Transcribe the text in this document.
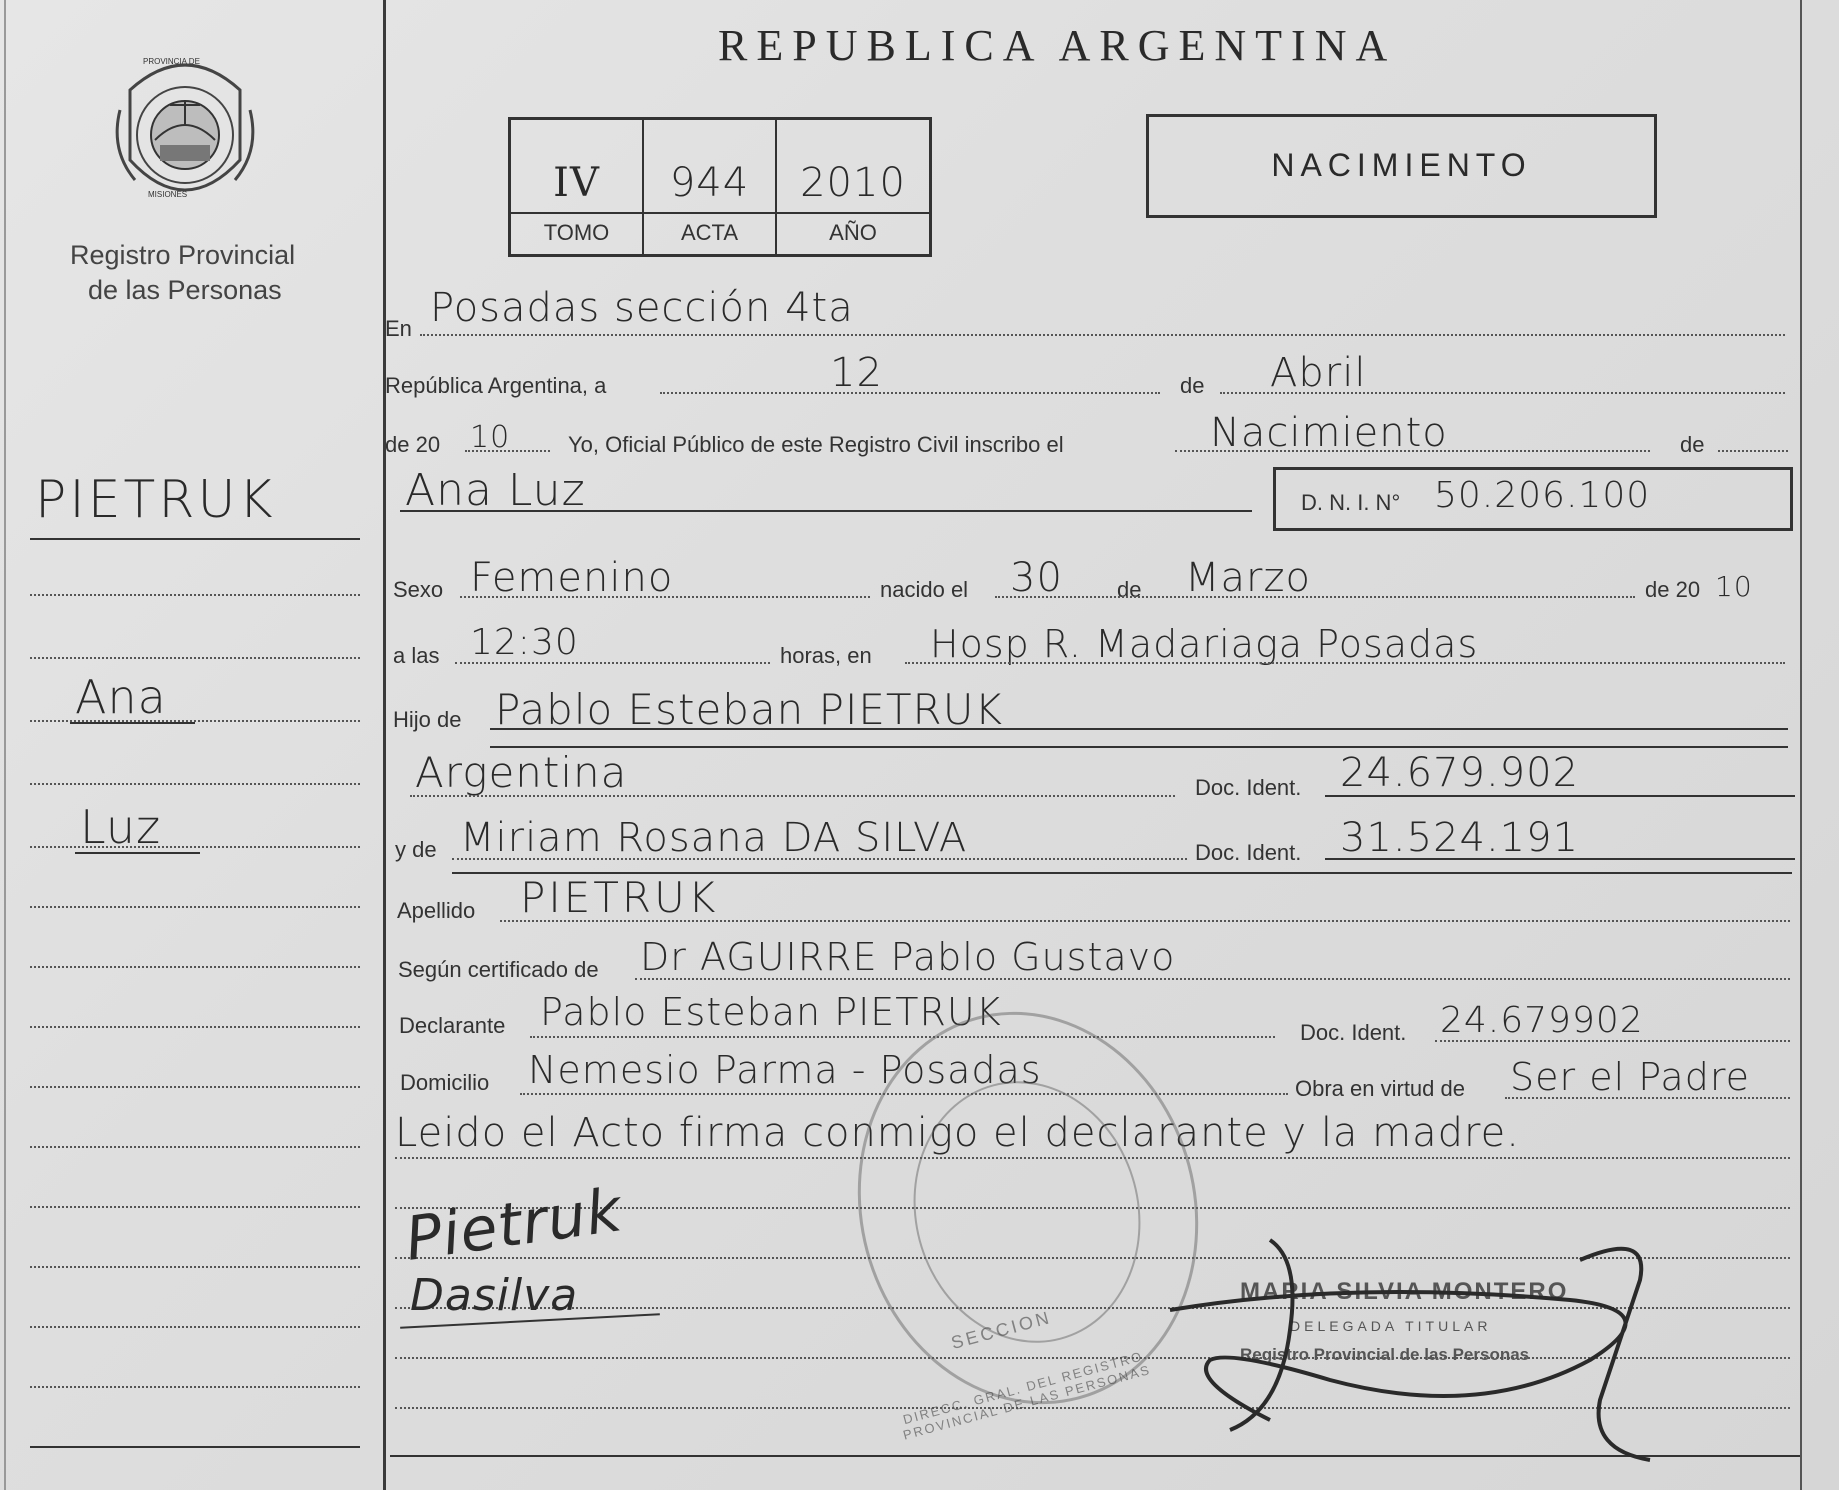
PROVINCIA DE
MISIONES
Registro Provincial
de las Personas
REPUBLICA ARGENTINA
IV	944	2010
TOMO	ACTA	AÑO
NACIMIENTO
PIETRUK
Ana
Luz
En Posadas sección 4ta
República Argentina, a	12	de Abril
de 20 10	Yo, Oficial Público de este Registro Civil inscribo el	Nacimiento	de
Ana Luz	D. N. I. N° 50.206.100
Sexo Femenino	nacido el 30 de Marzo	de 20 10
a las 12:30	horas, en Hosp R. Madariaga Posadas
Hijo de Pablo Esteban PIETRUK
Argentina	Doc. Ident. 24.679.902
y de Miriam Rosana DA SILVA	Doc. Ident. 31.524.191
Apellido PIETRUK
Según certificado de Dr AGUIRRE Pablo Gustavo
Declarante Pablo Esteban PIETRUK	Doc. Ident. 24.679902
Domicilio Nemesio Parma - Posadas	Obra en virtud de Ser el Padre
Leido el Acto firma conmigo el declarante y la madre.
Pietruk
Dasilva
DIRECC. GRAL. DEL REGISTRO PROVINCIAL DE LAS PERSONAS
SECCION
MARIA SILVIA MONTERO
DELEGADA TITULAR
Registro Provincial de las Personas
